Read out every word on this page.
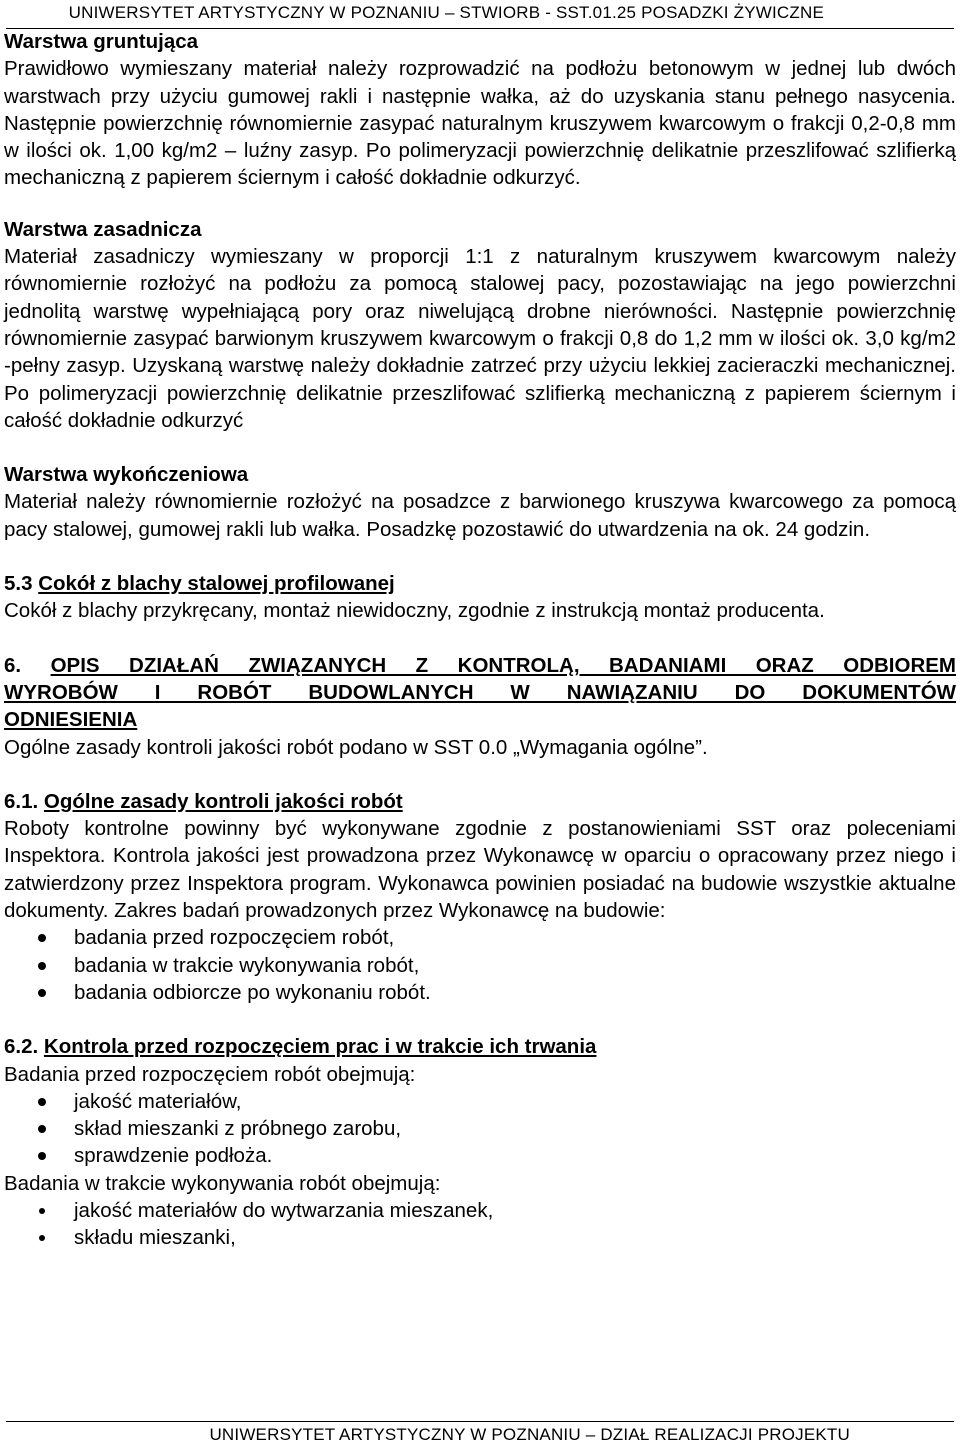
UNIWERSYTET ARTYSTYCZNY W POZNANIU – STWIORB - SST.01.25 POSADZKI ŻYWICZNE
Warstwa gruntująca
Prawidłowo wymieszany materiał należy rozprowadzić na podłożu betonowym w jednej lub dwóch warstwach przy użyciu gumowej rakli i następnie wałka, aż do uzyskania stanu pełnego nasycenia. Następnie powierzchnię równomiernie zasypać naturalnym kruszywem kwarcowym o frakcji 0,2-0,8 mm w ilości ok. 1,00 kg/m2 – luźny zasyp. Po polimeryzacji powierzchnię delikatnie przeszlifować szlifierką mechaniczną z papierem ściernym i całość dokładnie odkurzyć.
Warstwa zasadnicza
Materiał zasadniczy wymieszany w proporcji 1:1 z naturalnym kruszywem kwarcowym należy równomiernie rozłożyć na podłożu za pomocą stalowej pacy, pozostawiając na jego powierzchni jednolitą warstwę wypełniającą pory oraz niwelującą drobne nierówności. Następnie powierzchnię równomiernie zasypać barwionym kruszywem kwarcowym o frakcji 0,8 do 1,2 mm w ilości ok. 3,0 kg/m2 -pełny zasyp. Uzyskaną warstwę należy dokładnie zatrzeć przy użyciu lekkiej zacieraczki mechanicznej. Po polimeryzacji powierzchnię delikatnie przeszlifować szlifierką mechaniczną z papierem ściernym i całość dokładnie odkurzyć
Warstwa wykończeniowa
Materiał należy równomiernie rozłożyć na posadzce z barwionego kruszywa kwarcowego za pomocą pacy stalowej, gumowej rakli lub wałka. Posadzkę pozostawić do utwardzenia na ok. 24 godzin.
5.3 Cokół z blachy stalowej profilowanej
Cokół z blachy przykręcany, montaż niewidoczny, zgodnie z instrukcją montaż producenta.
6. OPIS DZIAŁAŃ ZWIĄZANYCH Z KONTROLĄ, BADANIAMI ORAZ ODBIOREM
WYROBÓW I ROBÓT BUDOWLANYCH W NAWIĄZANIU DO DOKUMENTÓW
ODNIESIENIA
Ogólne zasady kontroli jakości robót podano w SST 0.0 „Wymagania ogólne”.
6.1. Ogólne zasady kontroli jakości robót
Roboty kontrolne powinny być wykonywane zgodnie z postanowieniami SST oraz poleceniami Inspektora. Kontrola jakości jest prowadzona przez Wykonawcę w oparciu o opracowany przez niego i zatwierdzony przez Inspektora program. Wykonawca powinien posiadać na budowie wszystkie aktualne dokumenty. Zakres badań prowadzonych przez Wykonawcę na budowie:
badania przed rozpoczęciem robót,
badania w trakcie wykonywania robót,
badania odbiorcze po wykonaniu robót.
6.2. Kontrola przed rozpoczęciem prac i w trakcie ich trwania
Badania przed rozpoczęciem robót obejmują:
jakość materiałów,
skład mieszanki z próbnego zarobu,
sprawdzenie podłoża.
Badania w trakcie wykonywania robót obejmują:
jakość materiałów do wytwarzania mieszanek,
składu mieszanki,
UNIWERSYTET ARTYSTYCZNY W POZNANIU – DZIAŁ REALIZACJI PROJEKTU
